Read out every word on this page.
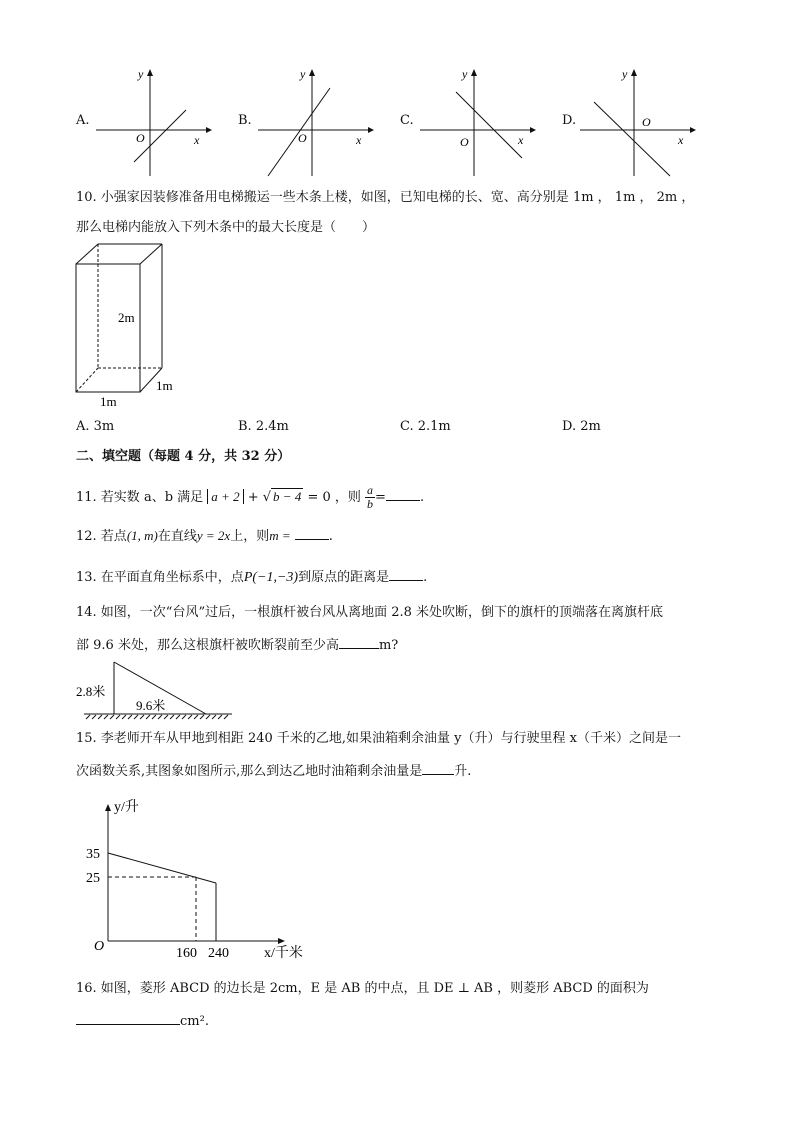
A.
y
O	x
B.
y
O	x
C.
y
O	x
D.
y
O
x
10. 小强家因装修准备用电梯搬运一些木条上楼，如图，已知电梯的长、宽、高分别是 1m ， 1m ， 2m ，
那么电梯内能放入下列木条中的最大长度是（　　）
2m
1m
1m
A. 3m	B. 2.4m	C. 2.1m	D. 2m
二、填空题（每题 4 分，共 32 分）
11. 若实数 a、b 满足 a + 2 + √ b − 4 = 0 ，则 $\frac{a}{b}$ =	.
12. 若点(1, m)在直线y = 2x上，则m =	.
13. 在平面直角坐标系中，点P(−1,−3)到原点的距离是	.
14. 如图，一次“台风”过后，一根旗杆被台风从离地面 2.8 米处吹断，倒下的旗杆的顶端落在离旗杆底
部 9.6 米处，那么这根旗杆被吹断裂前至少高	m?
2.8米
9.6米
15. 李老师开车从甲地到相距 240 千米的乙地,如果油箱剩余油量 y（升）与行驶里程 x（千米）之间是一
次函数关系,其图象如图所示,那么到达乙地时油箱剩余油量是 升.
y/升
x/千米
O
35
25
160 240
16. 如图，菱形 ABCD 的边长是 2cm，E 是 AB 的中点，且 DE ⊥ AB ，则菱形 ABCD 的面积为
cm².
